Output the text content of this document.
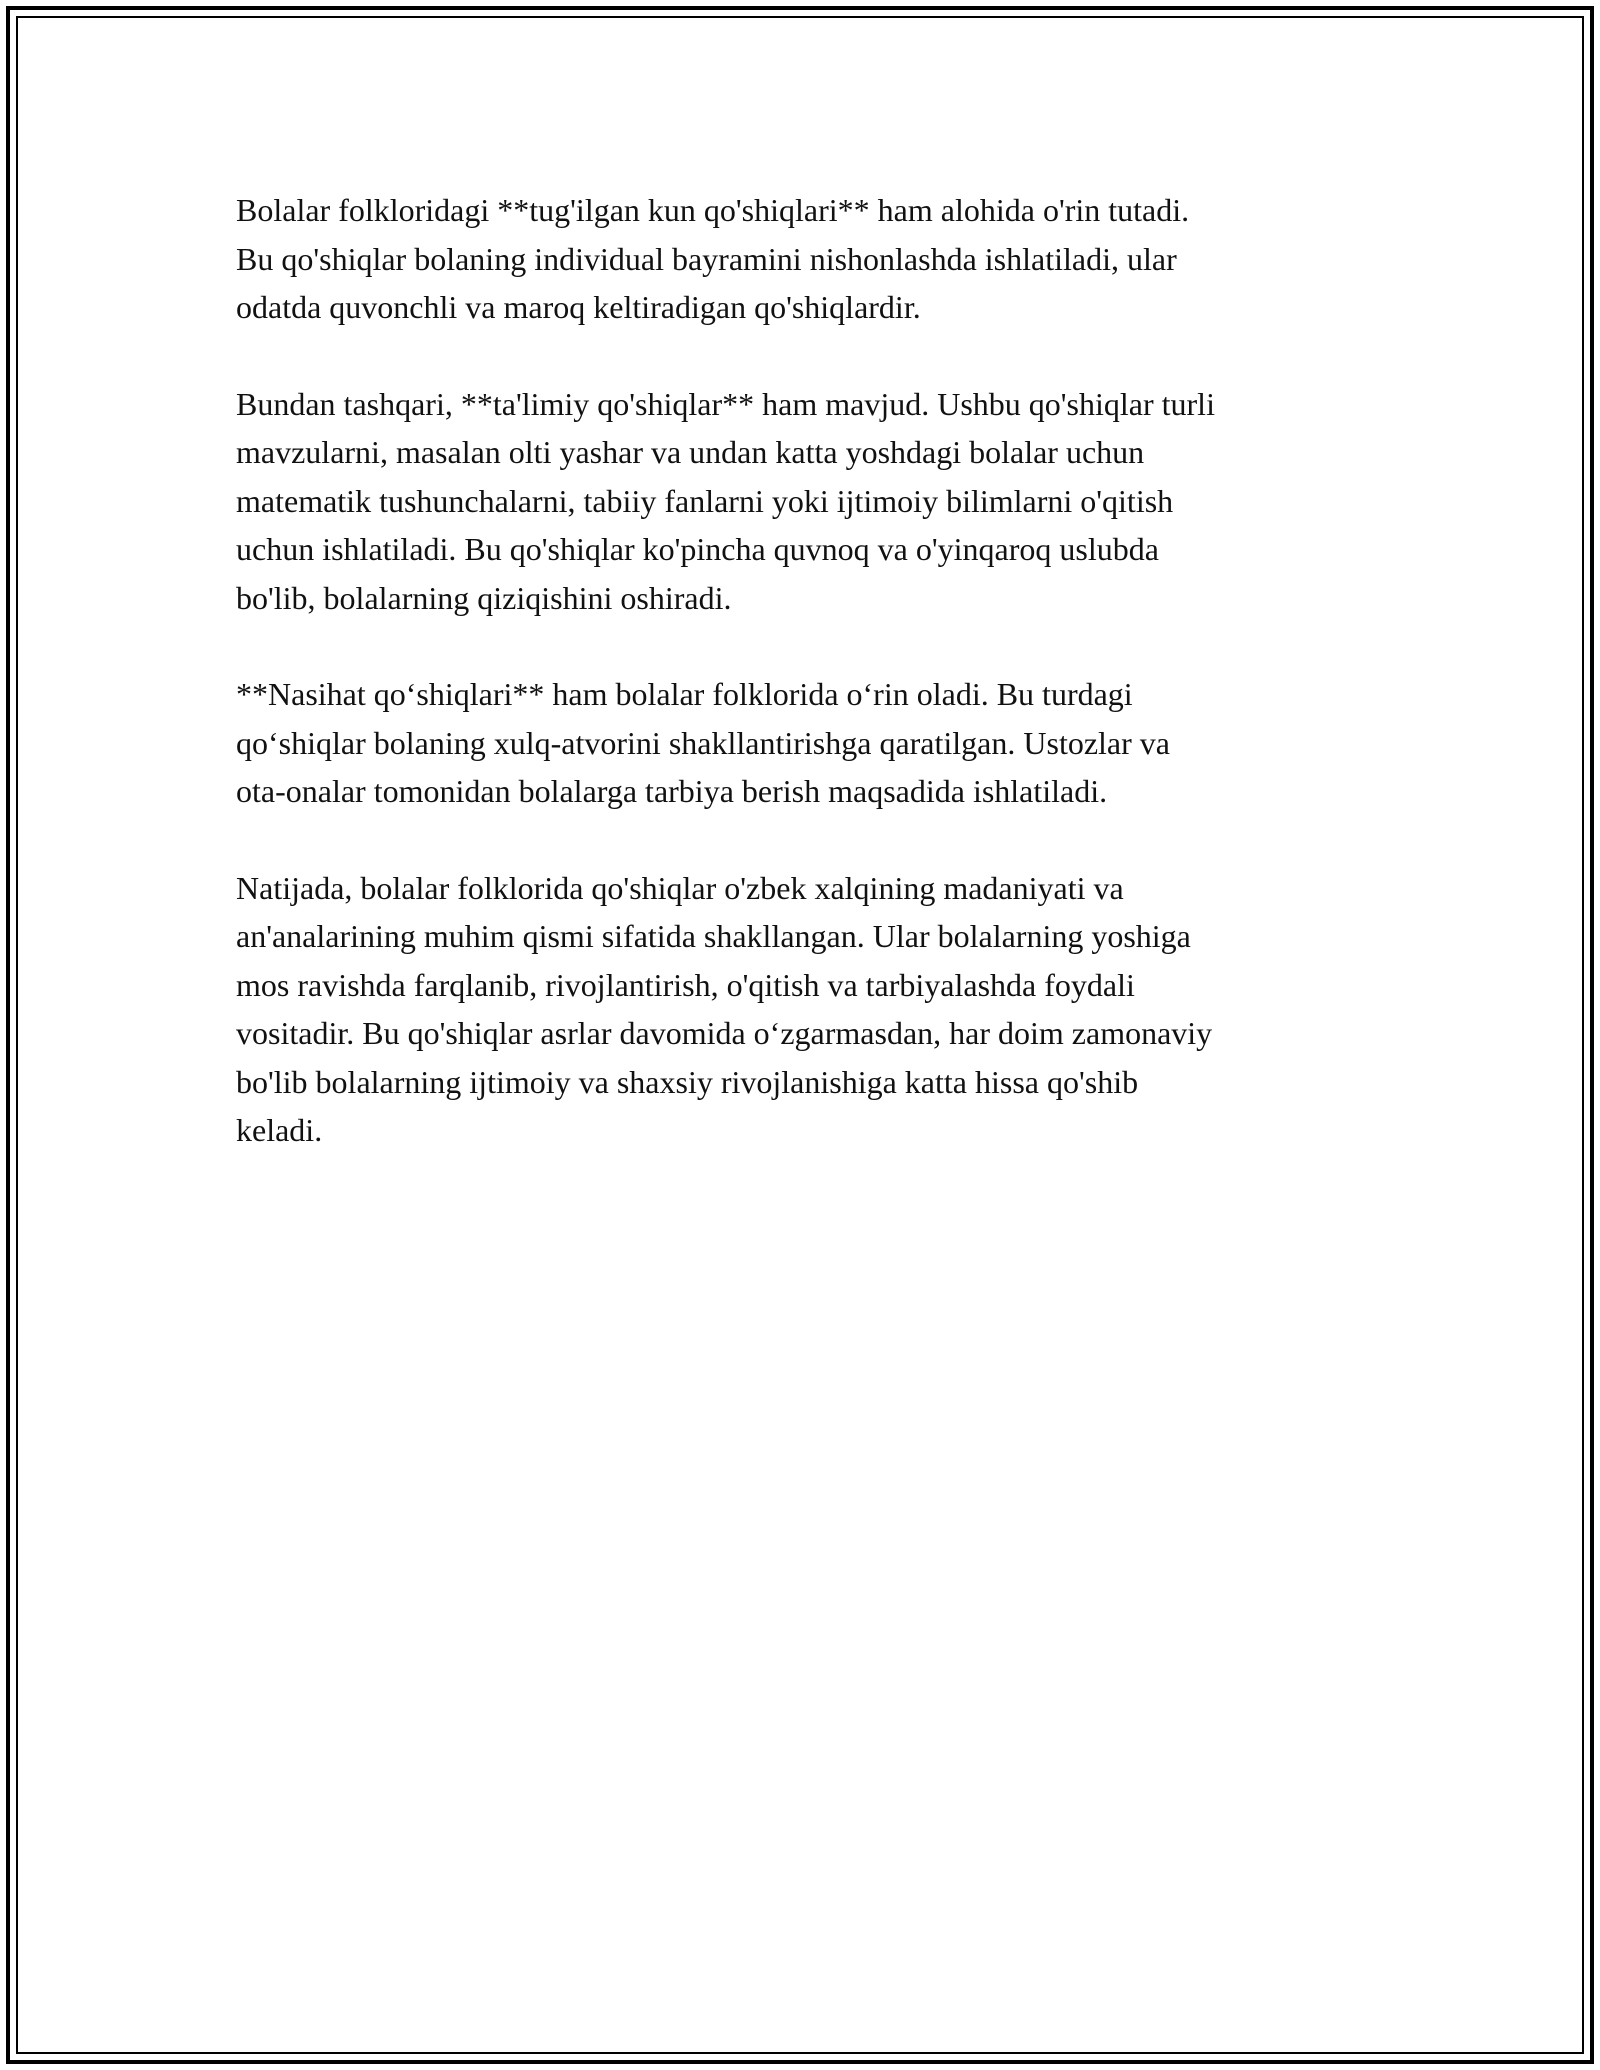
Bolalar folkloridagi **tug'ilgan kun qo'shiqlari** ham alohida o'rin tutadi.
Bu qo'shiqlar bolaning individual bayramini nishonlashda ishlatiladi, ular
odatda quvonchli va maroq keltiradigan qo'shiqlardir.

Bundan tashqari, **ta'limiy qo'shiqlar** ham mavjud. Ushbu qo'shiqlar turli
mavzularni, masalan olti yashar va undan katta yoshdagi bolalar uchun
matematik tushunchalarni, tabiiy fanlarni yoki ijtimoiy bilimlarni o'qitish
uchun ishlatiladi. Bu qo'shiqlar ko'pincha quvnoq va o'yinqaroq uslubda
bo'lib, bolalarning qiziqishini oshiradi.

**Nasihat qo‘shiqlari** ham bolalar folklorida o‘rin oladi. Bu turdagi
qo‘shiqlar bolaning xulq-atvorini shakllantirishga qaratilgan. Ustozlar va
ota-onalar tomonidan bolalarga tarbiya berish maqsadida ishlatiladi.

Natijada, bolalar folklorida qo'shiqlar o'zbek xalqining madaniyati va
an'analarining muhim qismi sifatida shakllangan. Ular bolalarning yoshiga
mos ravishda farqlanib, rivojlantirish, o'qitish va tarbiyalashda foydali
vositadir. Bu qo'shiqlar asrlar davomida o‘zgarmasdan, har doim zamonaviy
bo'lib bolalarning ijtimoiy va shaxsiy rivojlanishiga katta hissa qo'shib
keladi.
